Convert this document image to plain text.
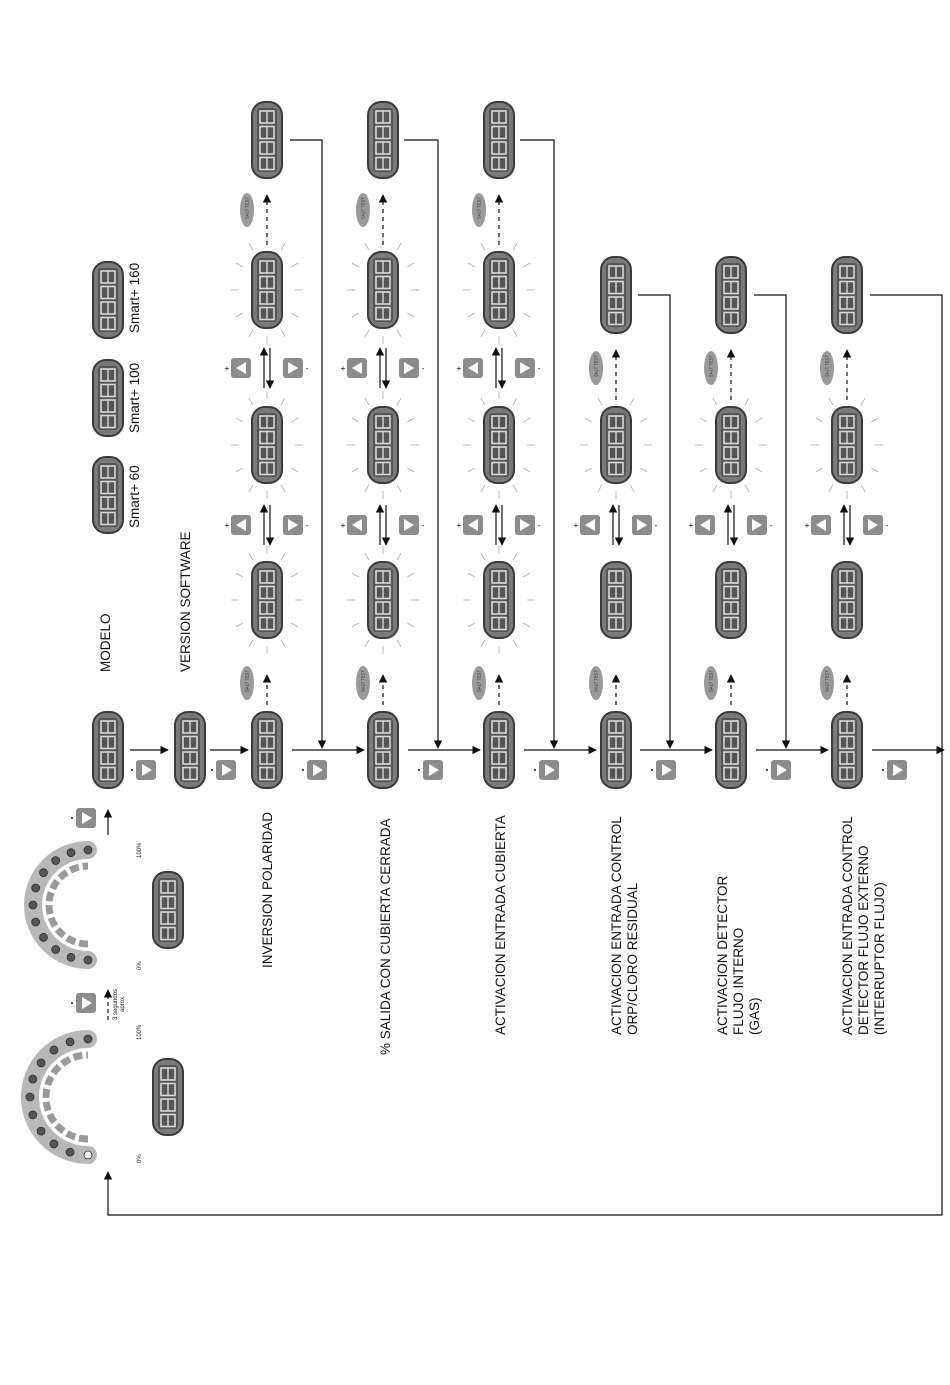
MODELO	VERSION SOFTWARE
Smart+ 60
Smart+ 100
Smart+ 160
INVERSION POLARIDAD	% SALIDA CON CUBIERTA CERRADA	ACTIVACION ENTRADA CUBIERTA	ACTIVACION ENTRADA CONTROL ORP/CLORO RESIDUAL	ACTIVACION DETECTOR FLUJO INTERNO (GAS)	ACTIVACION ENTRADA CONTROL DETECTOR FLUJO EXTERNO (INTERRUPTOR FLUJO)
0%
100%
0%
100%
3 segundos aprox.
SALT TEST
+	-
+	-
SALT TEST
SALT TEST
+	-
+	-
SALT TEST
SALT TEST
+	-
+	-
SALT TEST
SALT TEST
+	-
SALT TEST
SALT TEST
+	-
SALT TEST
SALT TEST
+	-
SALT TEST
